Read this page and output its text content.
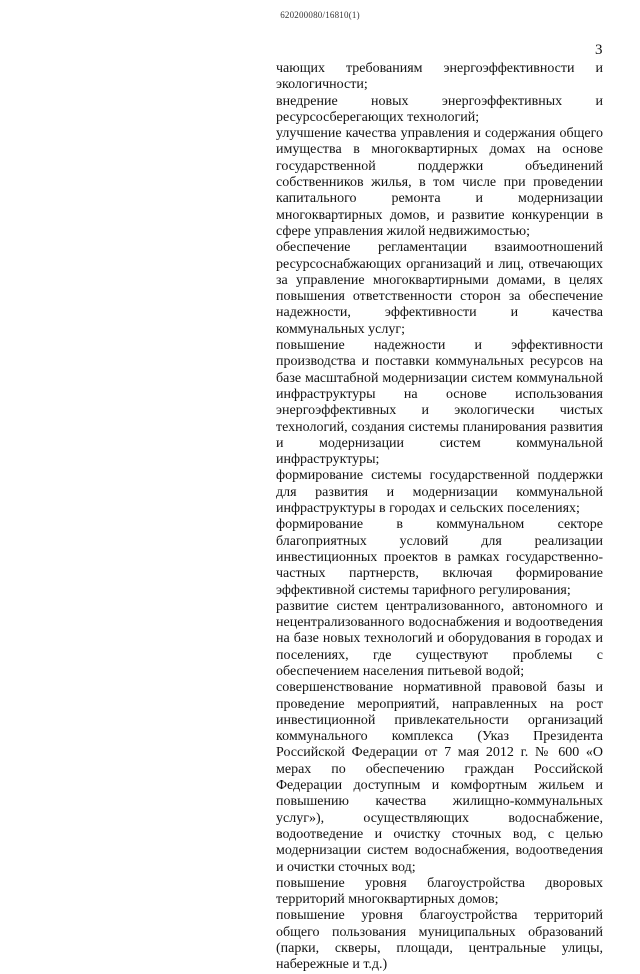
620200080/16810(1)
3

чающих требованиям энергоэффективности и экологичности;

внедрение новых энергоэффективных и ресурсосберегающих технологий;

улучшение качества управления и содержания общего имущества в многоквартирных домах на основе государственной поддержки объединений собственников жилья, в том числе при проведении капитального ремонта и модернизации многоквартирных домов, и развитие конкуренции в сфере управления жилой недвижимостью;

обеспечение регламентации взаимоотношений ресурсоснабжающих организаций и лиц, отвечающих за управление многоквартирными домами, в целях повышения ответственности сторон за обеспечение надежности, эффективности и качества коммунальных услуг;

повышение надежности и эффективности производства и поставки коммунальных ресурсов на базе масштабной модернизации систем коммунальной инфраструктуры на основе использования энергоэффективных и экологически чистых технологий, создания системы планирования развития и модернизации систем коммунальной инфраструктуры;

формирование системы государственной поддержки для развития и модернизации коммунальной инфраструктуры в городах и сельских поселениях;

формирование в коммунальном секторе благоприятных условий для реализации инвестиционных проектов в рамках государственно-частных партнерств, включая формирование эффективной системы тарифного регулирования;

развитие систем централизованного, автономного и нецентрализованного водоснабжения и водоотведения на базе новых технологий и оборудования в городах и поселениях, где существуют проблемы с обеспечением населения питьевой водой;

совершенствование нормативной правовой базы и проведение мероприятий, направленных на рост инвестиционной привлекательности организаций коммунального комплекса (Указ Президента Российской Федерации от 7 мая 2012 г. № 600 «О мерах по обеспечению граждан Российской Федерации доступным и комфортным жильем и повышению качества жилищно-коммунальных услуг»), осуществляющих водоснабжение, водоотведение и очистку сточных вод, с целью модернизации систем водоснабжения, водоотведения и очистки сточных вод;

повышение уровня благоустройства дворовых территорий многоквартирных домов;

повышение уровня благоустройства территорий общего пользования муниципальных образований (парки, скверы, площади, центральные улицы, набережные и т.д.)
